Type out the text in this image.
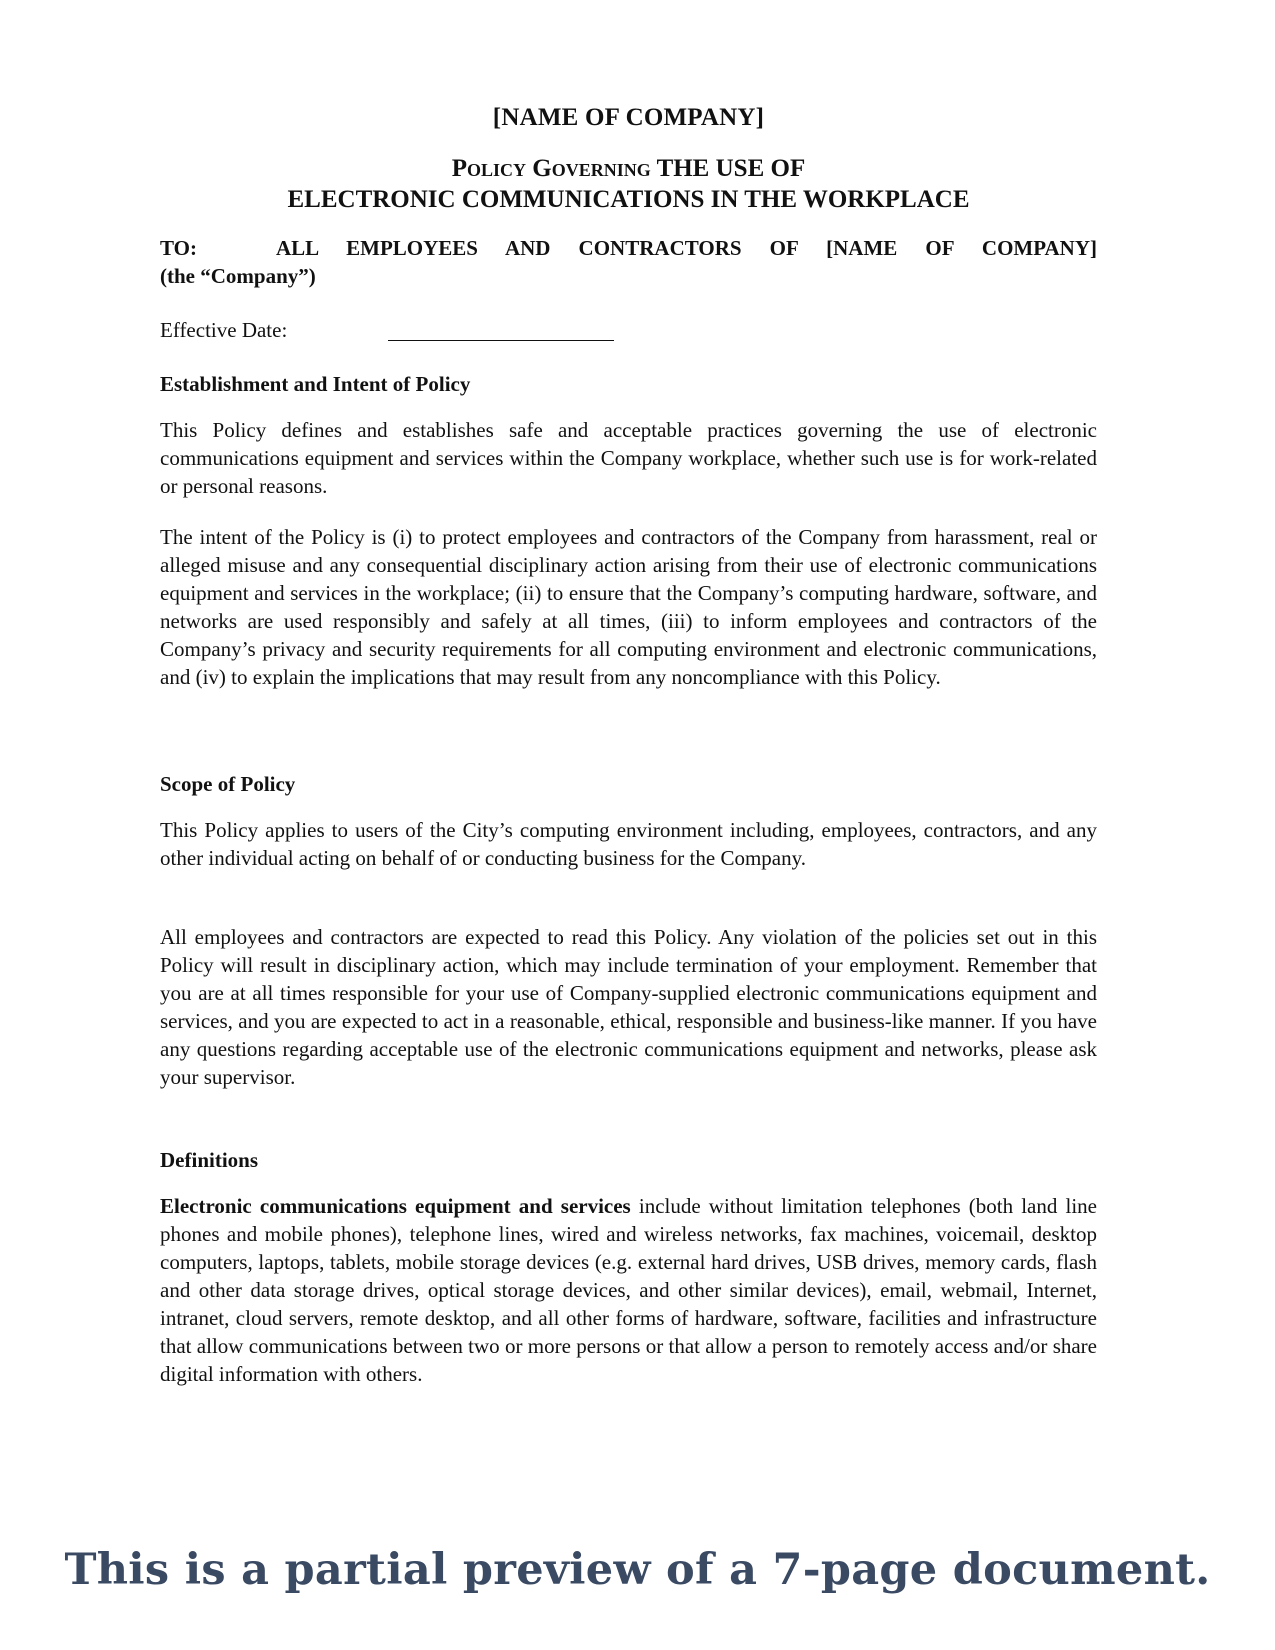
[NAME OF COMPANY]
Policy Governing THE USE OF
ELECTRONIC COMMUNICATIONS IN THE WORKPLACE
TO:	ALL EMPLOYEES AND CONTRACTORS OF [NAME OF COMPANY]
(the “Company”)
Effective Date:
Establishment and Intent of Policy
This Policy defines and establishes safe and acceptable practices governing the use of electronic communications equipment and services within the Company workplace, whether such use is for work-related or personal reasons.
The intent of the Policy is (i) to protect employees and contractors of the Company from harassment, real or alleged misuse and any consequential disciplinary action arising from their use of electronic communications equipment and services in the workplace; (ii) to ensure that the Company’s computing hardware, software, and networks are used responsibly and safely at all times, (iii) to inform employees and contractors of the Company’s privacy and security requirements for all computing environment and electronic communications, and (iv) to explain the implications that may result from any noncompliance with this Policy.
Scope of Policy
This Policy applies to users of the City’s computing environment including, employees, contractors, and any other individual acting on behalf of or conducting business for the Company.
All employees and contractors are expected to read this Policy. Any violation of the policies set out in this Policy will result in disciplinary action, which may include termination of your employment. Remember that you are at all times responsible for your use of Company-supplied electronic communications equipment and services, and you are expected to act in a reasonable, ethical, responsible and business-like manner. If you have any questions regarding acceptable use of the electronic communications equipment and networks, please ask your supervisor.
Definitions
Electronic communications equipment and services include without limitation telephones (both land line phones and mobile phones), telephone lines, wired and wireless networks, fax machines, voicemail, desktop computers, laptops, tablets, mobile storage devices (e.g. external hard drives, USB drives, memory cards, flash and other data storage drives, optical storage devices, and other similar devices), email, webmail, Internet, intranet, cloud servers, remote desktop, and all other forms of hardware, software, facilities and infrastructure that allow communications between two or more persons or that allow a person to remotely access and/or share digital information with others.
This is a partial preview of a 7-page document.
